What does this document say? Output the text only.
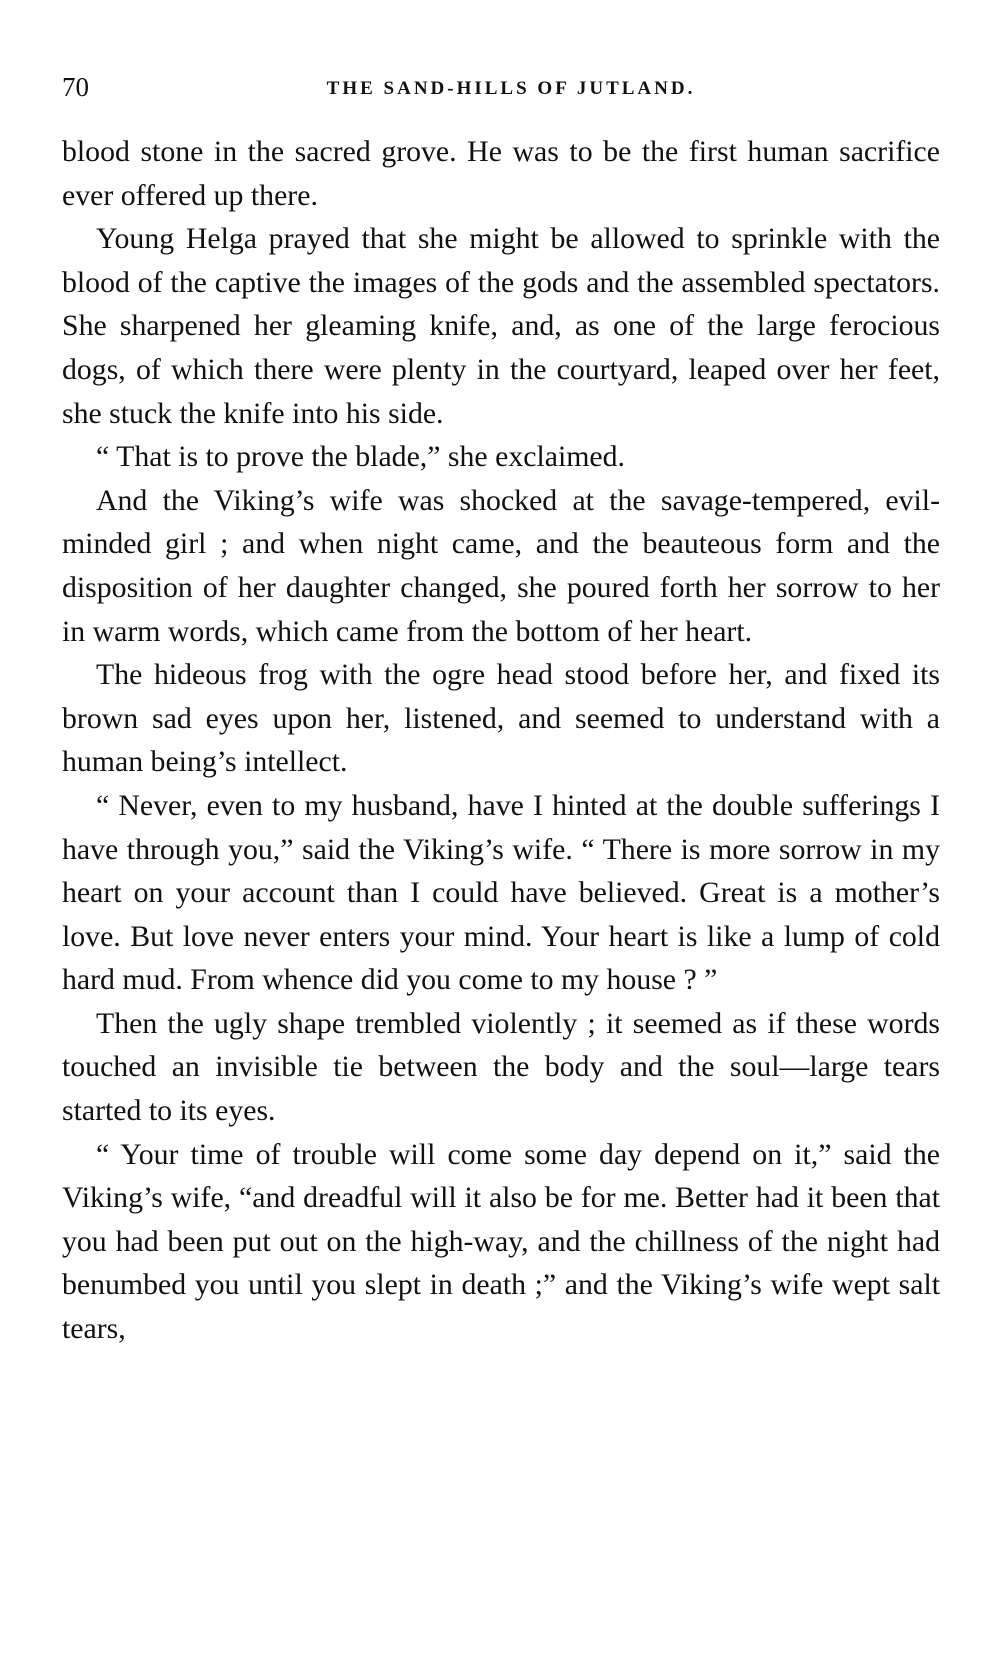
70	THE SAND-HILLS OF JUTLAND.

blood stone in the sacred grove. He was to be the first human sacrifice ever offered up there.

Young Helga prayed that she might be allowed to sprinkle with the blood of the captive the images of the gods and the assembled spectators. She sharpened her gleaming knife, and, as one of the large ferocious dogs, of which there were plenty in the courtyard, leaped over her feet, she stuck the knife into his side.

“ That is to prove the blade,” she exclaimed.

And the Viking’s wife was shocked at the savage-tempered, evil-minded girl ; and when night came, and the beauteous form and the disposition of her daughter changed, she poured forth her sorrow to her in warm words, which came from the bottom of her heart.

The hideous frog with the ogre head stood before her, and fixed its brown sad eyes upon her, listened, and seemed to understand with a human being’s intellect.

“ Never, even to my husband, have I hinted at the double sufferings I have through you,” said the Viking’s wife. “ There is more sorrow in my heart on your account than I could have believed. Great is a mother’s love. But love never enters your mind. Your heart is like a lump of cold hard mud. From whence did you come to my house ? ”

Then the ugly shape trembled violently ; it seemed as if these words touched an invisible tie between the body and the soul—large tears started to its eyes.

“ Your time of trouble will come some day depend on it,” said the Viking’s wife, “and dreadful will it also be for me. Better had it been that you had been put out on the high-way, and the chillness of the night had benumbed you until you slept in death ;” and the Viking’s wife wept salt tears,
